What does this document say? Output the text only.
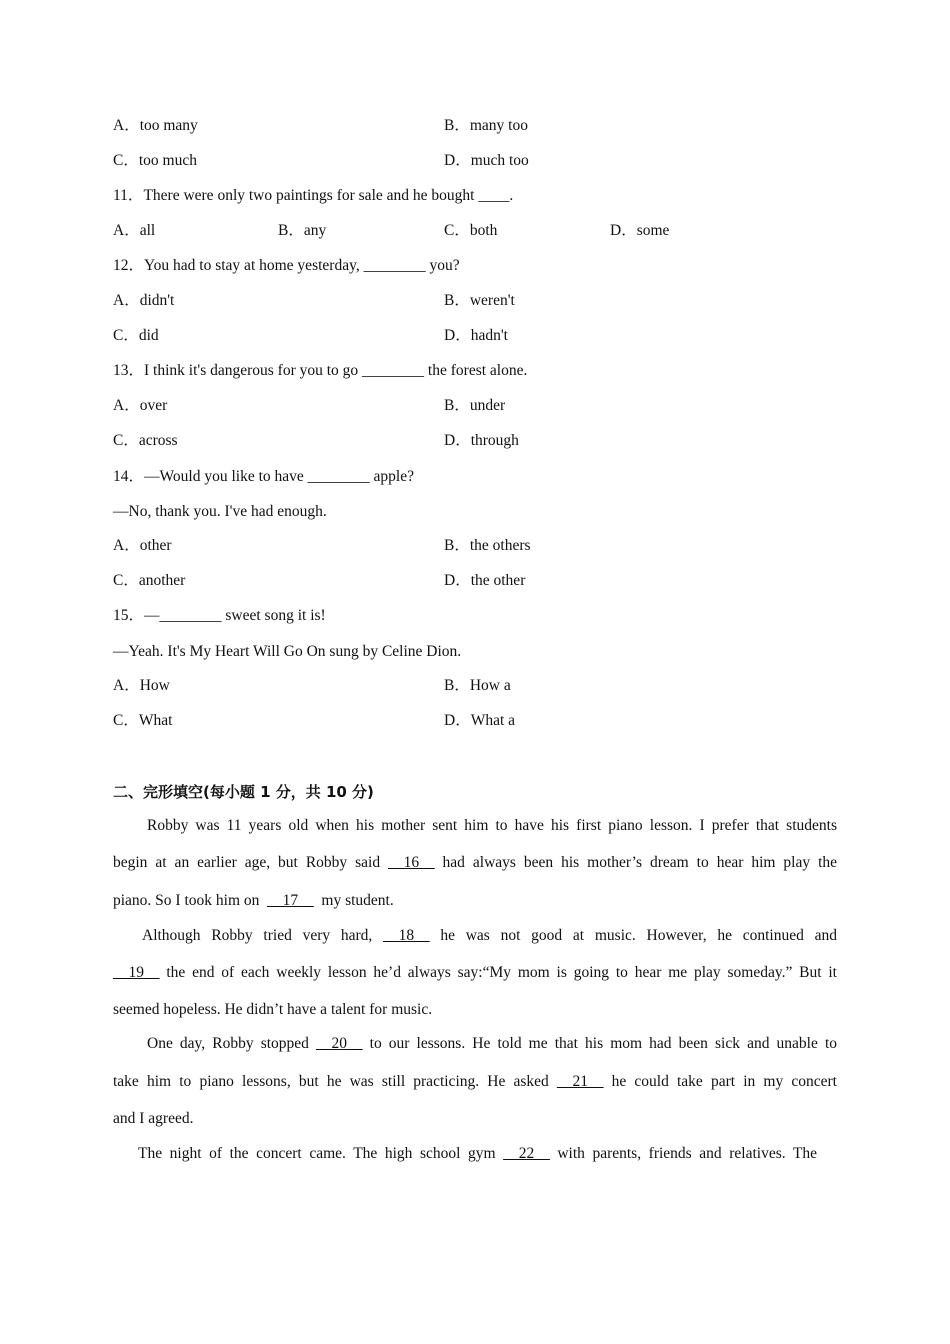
A．too many	B．many too
C．too much	D．much too
11．There were only two paintings for sale and he bought ____.
A．all	B．any	C．both	D．some
12．You had to stay at home yesterday, ________ you?
A．didn't	B．weren't
C．did	D．hadn't
13．I think it's dangerous for you to go ________ the forest alone.
A．over	B．under
C．across	D．through
14．—Would you like to have ________ apple?
—No, thank you. I've had enough.
A．other	B．the others
C．another	D．the other
15．—________ sweet song it is!
—Yeah. It's My Heart Will Go On sung by Celine Dion.
A．How	B．How a
C．What	D．What a
二、完形填空(每小题 1 分，共 10 分)
Robby was 11 years old when his mother sent him to have his first piano lesson. I prefer that students
begin at an earlier age, but Robby said __16__ had always been his mother’s dream to hear him play the
piano. So I took him on __17__ my student.
Although Robby tried very hard, __18__ he was not good at music. However, he continued and
__19__ the end of each weekly lesson he’d always say:“My mom is going to hear me play someday.” But it
seemed hopeless. He didn’t have a talent for music.
One day, Robby stopped __20__ to our lessons. He told me that his mom had been sick and unable to
take him to piano lessons, but he was still practicing. He asked __21__ he could take part in my concert
and I agreed.
The night of the concert came. The high school gym __22__ with parents, friends and relatives. The
